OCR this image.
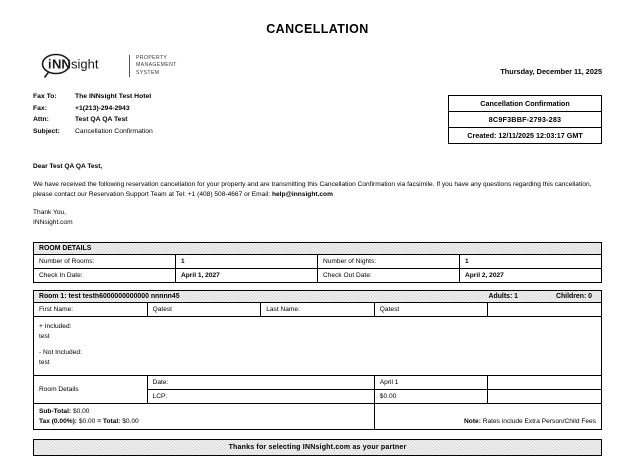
CANCELLATION
i NN sight	PROPERTY
MANAGEMENT
SYSTEM	Thursday, December 11, 2025
Fax To:	The INNsight Test Hotel
Fax:	+1(213)-294-2943
Attn:	Test QA QA Test
Subject:	Cancellation Confirmation
Cancellation Confirmation
8C9F3BBF-2793-283
Created: 12/11/2025 12:03:17 GMT

Dear Test QA QA Test,

We have received the following reservation cancellation for your property and are transmitting this Cancellation Confirmation via facsimile. If you have any questions regarding this cancellation, please contact our Reservation Support Team at Tel: +1 (408) 508-4667 or Email: help@innsight.com

Thank You,

INNsight.com

ROOM DETAILS			
Number of Rooms:	1	Number of Nights:	1
Check In Date:	April 1, 2027	Check Out Date:	April 2, 2027
Room 1: test testh6000000000000 nnnnn45 Adults: 1 Children: 0				

First Name:	Qatest	Last Name:	Qatest	

+ Included:
test
- Not Included:
test				

Room Details	Date:		April 1	
	LCP:		$0.00	

Sub-Total: $0.00
Tax (0.00%): $0.00 = Total: $0.00			Note: Rates include Extra Person/Child Fees	
Thanks for selecting INNsight.com as your partner
